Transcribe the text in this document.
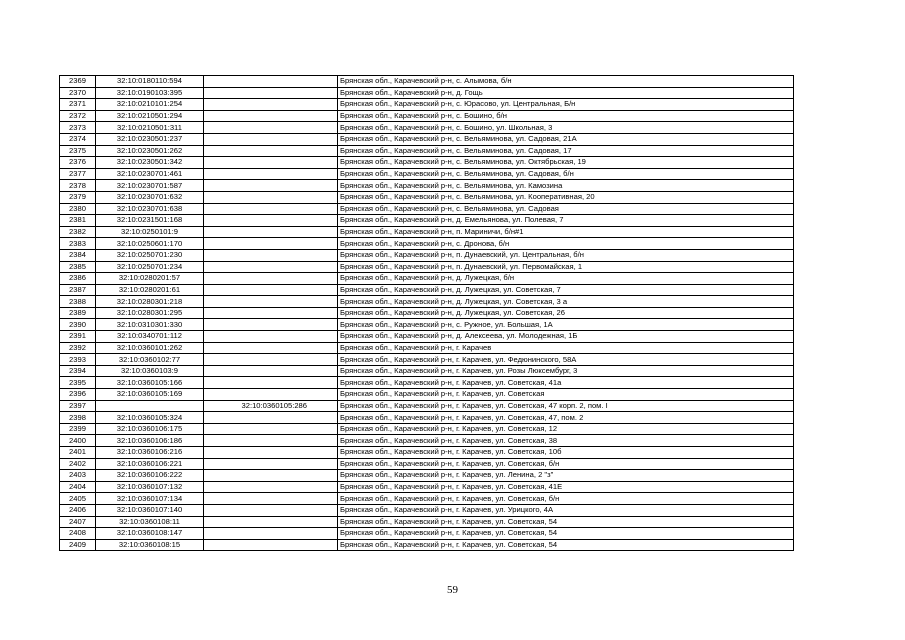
2369	32:10:0180110:594		Брянская обл., Карачевский р-н, с. Алымова, б/н
2370	32:10:0190103:395		Брянская обл., Карачевский р-н, д. Гощь
2371	32:10:0210101:254		Брянская обл., Карачевский р-н, с. Юрасово, ул. Центральная, Б/н
2372	32:10:0210501:294		Брянская обл., Карачевский р-н, с. Бошино, б/н
2373	32:10:0210501:311		Брянская обл., Карачевский р-н, с. Бошино, ул. Школьная, 3
2374	32:10:0230501:237		Брянская обл., Карачевский р-н, с. Вельяминова, ул. Садовая, 21А
2375	32:10:0230501:262		Брянская обл., Карачевский р-н, с. Вельяминова, ул. Садовая, 17
2376	32:10:0230501:342		Брянская обл., Карачевский р-н, с. Вельяминова, ул. Октябрьская, 19
2377	32:10:0230701:461		Брянская обл., Карачевский р-н, с. Вельяминова, ул. Садовая, б/н
2378	32:10:0230701:587		Брянская обл., Карачевский р-н, с. Вельяминова, ул. Камозина
2379	32:10:0230701:632		Брянская обл., Карачевский р-н, с. Вельяминова, ул. Кооперативная, 20
2380	32:10:0230701:638		Брянская обл., Карачевский р-н, с. Вельяминова, ул. Садовая
2381	32:10:0231501:168		Брянская обл., Карачевский р-н, д. Емельянова, ул. Полевая, 7
2382	32:10:0250101:9		Брянская обл., Карачевский р-н, п. Мариничи, б/н#1
2383	32:10:0250601:170		Брянская обл., Карачевский р-н, с. Дронова, б/н
2384	32:10:0250701:230		Брянская обл., Карачевский р-н, п. Дунаевский, ул. Центральная, б/н
2385	32:10:0250701:234		Брянская обл., Карачевский р-н, п. Дунаевский, ул. Первомайская, 1
2386	32:10:0280201:57		Брянская обл., Карачевский р-н, д. Лужецкая, б/н
2387	32:10:0280201:61		Брянская обл., Карачевский р-н, д. Лужецкая, ул. Советская, 7
2388	32:10:0280301:218		Брянская обл., Карачевский р-н, д. Лужецкая, ул. Советская, 3 а
2389	32:10:0280301:295		Брянская обл., Карачевский р-н, д. Лужецкая, ул. Советская, 26
2390	32:10:0310301:330		Брянская обл., Карачевский р-н, с. Ружное, ул. Большая, 1А
2391	32:10:0340701:112		Брянская обл., Карачевский р-н, д. Алексеева, ул. Молодежная, 1Б
2392	32:10:0360101:262		Брянская обл., Карачевский р-н, г. Карачев
2393	32:10:0360102:77		Брянская обл., Карачевский р-н, г. Карачев, ул. Федюнинского, 58А
2394	32:10:0360103:9		Брянская обл., Карачевский р-н, г. Карачев, ул. Розы Люксембург, 3
2395	32:10:0360105:166		Брянская обл., Карачевский р-н, г. Карачев, ул. Советская, 41а
2396	32:10:0360105:169		Брянская обл., Карачевский р-н, г. Карачев, ул. Советская
2397		32:10:0360105:286	Брянская обл., Карачевский р-н, г. Карачев, ул. Советская, 47 корп. 2, пом. I
2398	32:10:0360105:324		Брянская обл., Карачевский р-н, г. Карачев, ул. Советская, 47, пом. 2
2399	32:10:0360106:175		Брянская обл., Карачевский р-н, г. Карачев, ул. Советская, 12
2400	32:10:0360106:186		Брянская обл., Карачевский р-н, г. Карачев, ул. Советская, 38
2401	32:10:0360106:216		Брянская обл., Карачевский р-н, г. Карачев, ул. Советская, 10б
2402	32:10:0360106:221		Брянская обл., Карачевский р-н, г. Карачев, ул. Советская, б/н
2403	32:10:0360106:222		Брянская обл., Карачевский р-н, г. Карачев, ул. Ленина, 2 "з"
2404	32:10:0360107:132		Брянская обл., Карачевский р-н, г. Карачев, ул. Советская, 41Е
2405	32:10:0360107:134		Брянская обл., Карачевский р-н, г. Карачев, ул. Советская, б/н
2406	32:10:0360107:140		Брянская обл., Карачевский р-н, г. Карачев, ул. Урицкого, 4А
2407	32:10:0360108:11		Брянская обл., Карачевский р-н, г. Карачев, ул. Советская, 54
2408	32:10:0360108:147		Брянская обл., Карачевский р-н, г. Карачев, ул. Советская, 54
2409	32:10:0360108:15		Брянская обл., Карачевский р-н, г. Карачев, ул. Советская, 54
59
